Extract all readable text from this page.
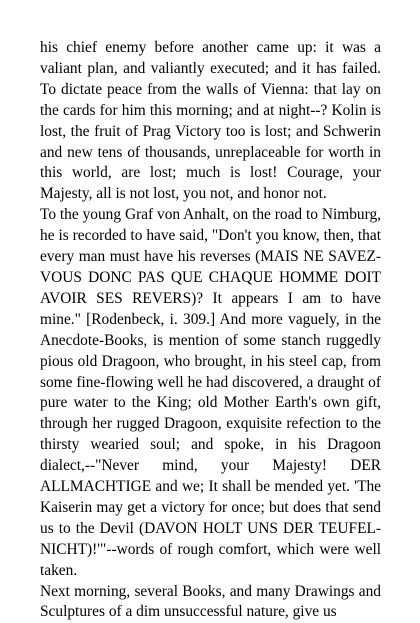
his chief enemy before another came up: it was a valiant plan, and valiantly executed; and it has failed. To dictate peace from the walls of Vienna: that lay on the cards for him this morning; and at night--? Kolin is lost, the fruit of Prag Victory too is lost; and Schwerin and new tens of thousands, unreplaceable for worth in this world, are lost; much is lost! Courage, your Majesty, all is not lost, you not, and honor not.

To the young Graf von Anhalt, on the road to Nimburg, he is recorded to have said, "Don't you know, then, that every man must have his reverses (MAIS NE SAVEZ-VOUS DONC PAS QUE CHAQUE HOMME DOIT AVOIR SES REVERS)? It appears I am to have mine." [Rodenbeck, i. 309.] And more vaguely, in the Anecdote-Books, is mention of some stanch ruggedly pious old Dragoon, who brought, in his steel cap, from some fine-flowing well he had discovered, a draught of pure water to the King; old Mother Earth's own gift, through her rugged Dragoon, exquisite refection to the thirsty wearied soul; and spoke, in his Dragoon dialect,--"Never mind, your Majesty! DER ALLMACHTIGE and we; It shall be mended yet. 'The Kaiserin may get a victory for once; but does that send us to the Devil (DAVON HOLT UNS DER TEUFEL-NICHT)!'"--words of rough comfort, which were well taken.

Next morning, several Books, and many Drawings and Sculptures of a dim unsuccessful nature, give us
